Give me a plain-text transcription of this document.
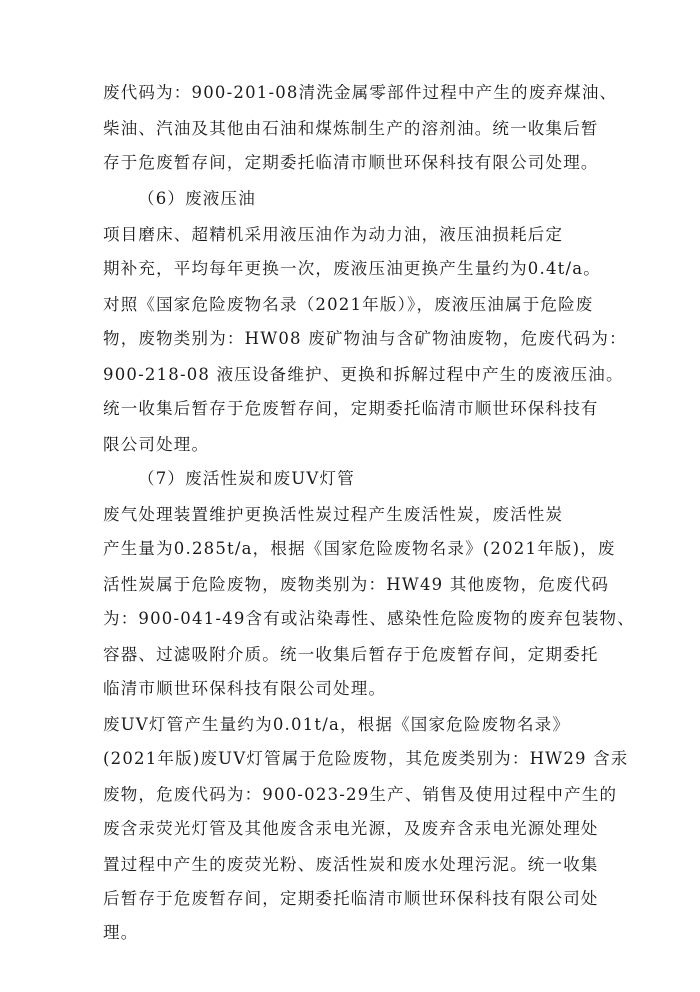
废代码为：900-201-08清洗金属零部件过程中产生的废弃煤油、
柴油、汽油及其他由石油和煤炼制生产的溶剂油。统一收集后暂
存于危废暂存间，定期委托临清市顺世环保科技有限公司处理。
（6）废液压油
项目磨床、超精机采用液压油作为动力油，液压油损耗后定
期补充，平均每年更换一次，废液压油更换产生量约为0.4t/a。
对照《国家危险废物名录（2021年版）》，废液压油属于危险废
物，废物类别为：HW08 废矿物油与含矿物油废物，危废代码为：
900-218-08 液压设备维护、更换和拆解过程中产生的废液压油。
统一收集后暂存于危废暂存间，定期委托临清市顺世环保科技有
限公司处理。
（7）废活性炭和废UV灯管
废气处理装置维护更换活性炭过程产生废活性炭，废活性炭
产生量为0.285t/a，根据《国家危险废物名录》(2021年版)，废
活性炭属于危险废物，废物类别为：HW49 其他废物，危废代码
为：900-041-49含有或沾染毒性、感染性危险废物的废弃包装物、
容器、过滤吸附介质。统一收集后暂存于危废暂存间，定期委托
临清市顺世环保科技有限公司处理。
废UV灯管产生量约为0.01t/a，根据《国家危险废物名录》
(2021年版)废UV灯管属于危险废物，其危废类别为：HW29 含汞
废物，危废代码为：900-023-29生产、销售及使用过程中产生的
废含汞荧光灯管及其他废含汞电光源，及废弃含汞电光源处理处
置过程中产生的废荧光粉、废活性炭和废水处理污泥。统一收集
后暂存于危废暂存间，定期委托临清市顺世环保科技有限公司处
理。
